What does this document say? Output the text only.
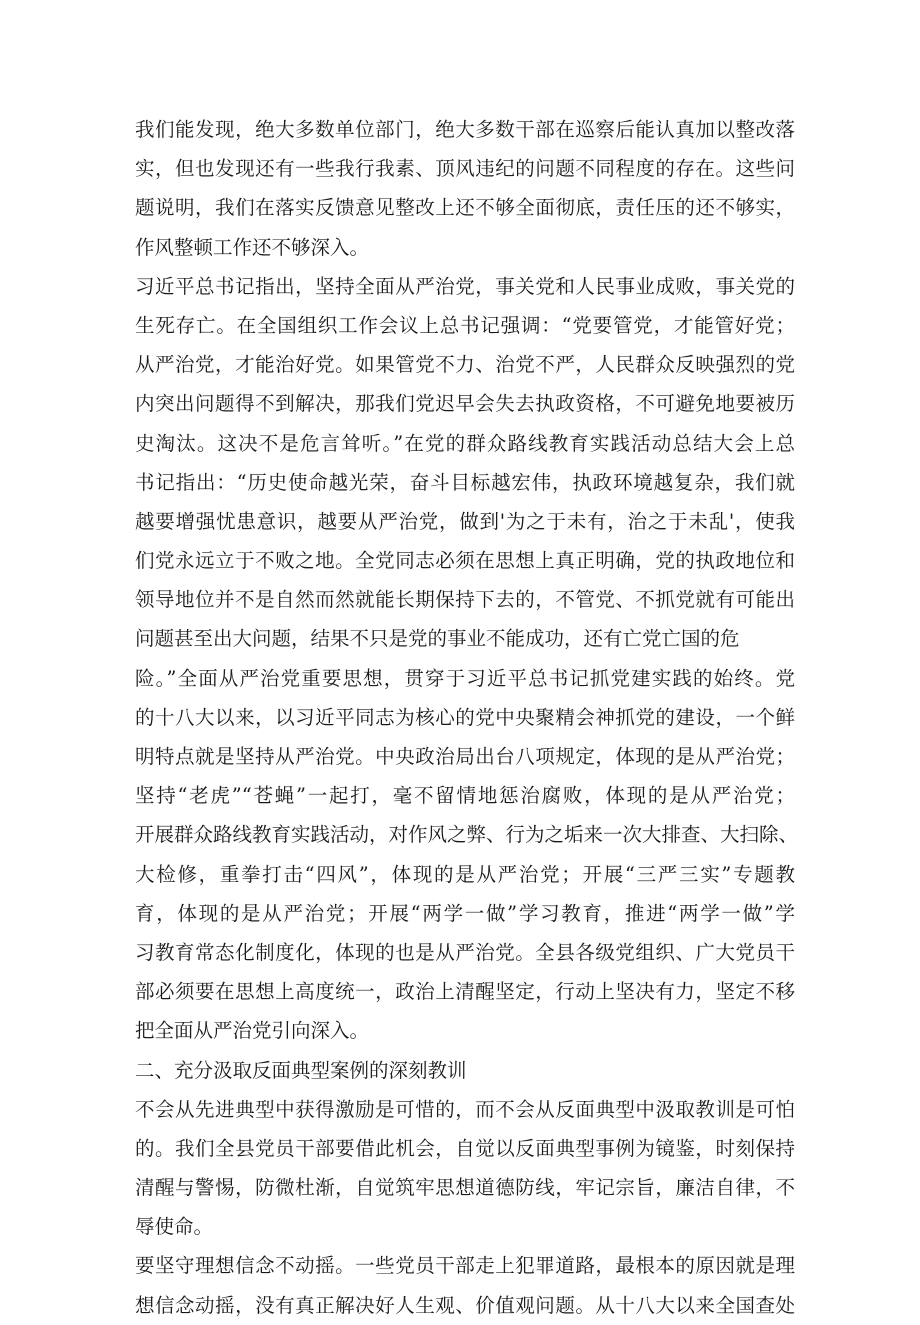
我们能发现，绝大多数单位部门，绝大多数干部在巡察后能认真加以整改落
实，但也发现还有一些我行我素、顶风违纪的问题不同程度的存在。这些问
题说明，我们在落实反馈意见整改上还不够全面彻底，责任压的还不够实，
作风整顿工作还不够深入。
习近平总书记指出，坚持全面从严治党，事关党和人民事业成败，事关党的
生死存亡。在全国组织工作会议上总书记强调：“党要管党，才能管好党；
从严治党，才能治好党。如果管党不力、治党不严，人民群众反映强烈的党
内突出问题得不到解决，那我们党迟早会失去执政资格，不可避免地要被历
史淘汰。这决不是危言耸听。”在党的群众路线教育实践活动总结大会上总
书记指出：“历史使命越光荣，奋斗目标越宏伟，执政环境越复杂，我们就
越要增强忧患意识，越要从严治党，做到'为之于未有，治之于未乱'，使我
们党永远立于不败之地。全党同志必须在思想上真正明确，党的执政地位和
领导地位并不是自然而然就能长期保持下去的，不管党、不抓党就有可能出
问题甚至出大问题，结果不只是党的事业不能成功，还有亡党亡国的危
险。”全面从严治党重要思想，贯穿于习近平总书记抓党建实践的始终。党
的十八大以来，以习近平同志为核心的党中央聚精会神抓党的建设，一个鲜
明特点就是坚持从严治党。中央政治局出台八项规定，体现的是从严治党；
坚持“老虎”“苍蝇”一起打，毫不留情地惩治腐败，体现的是从严治党；
开展群众路线教育实践活动，对作风之弊、行为之垢来一次大排查、大扫除、
大检修，重拳打击“四风”，体现的是从严治党；开展“三严三实”专题教
育，体现的是从严治党；开展“两学一做”学习教育，推进“两学一做”学
习教育常态化制度化，体现的也是从严治党。全县各级党组织、广大党员干
部必须要在思想上高度统一，政治上清醒坚定，行动上坚决有力，坚定不移
把全面从严治党引向深入。
二、充分汲取反面典型案例的深刻教训
不会从先进典型中获得激励是可惜的，而不会从反面典型中汲取教训是可怕
的。我们全县党员干部要借此机会，自觉以反面典型事例为镜鉴，时刻保持
清醒与警惕，防微杜渐，自觉筑牢思想道德防线，牢记宗旨，廉洁自律，不
辱使命。
要坚守理想信念不动摇。一些党员干部走上犯罪道路，最根本的原因就是理
想信念动摇，没有真正解决好人生观、价值观问题。从十八大以来全国查处
